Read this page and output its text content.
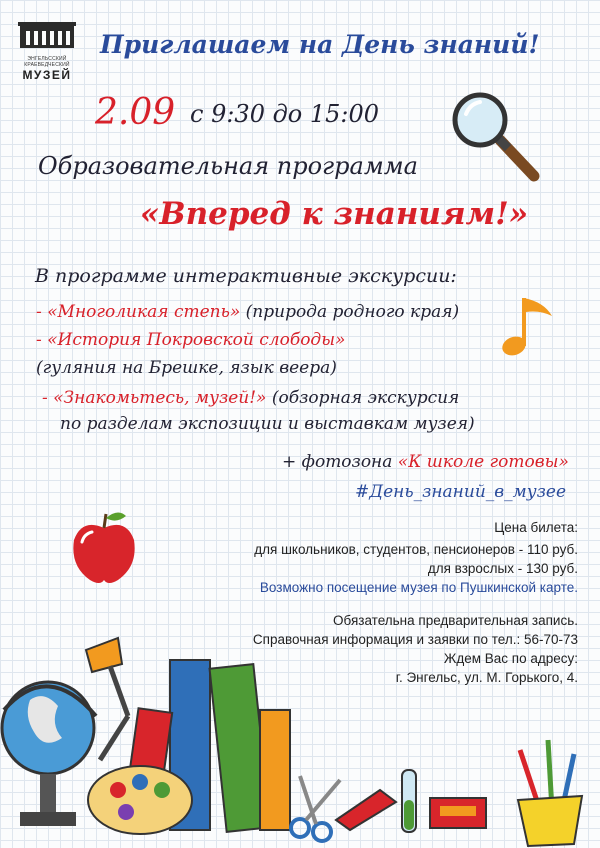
ЭНГЕЛЬССКИЙ КРАЕВЕДЧЕСКИЙ
МУЗЕЙ
Приглашаем на День знаний!
2.09 с 9:30 до 15:00
Образовательная программа
«Вперед к знаниям!»
В программе интерактивные экскурсии:
- «Многоликая степь» (природа родного края)
- «История Покровской слободы»
(гуляния на Брешке, язык веера)
- «Знакомьтесь, музей!» (обзорная экскурсия
по разделам экспозиции и выставкам музея)
+ фотозона «К школе готовы»
#День_знаний_в_музее
Цена билета:
для школьников, студентов, пенсионеров - 110 руб.
для взрослых - 130 руб.
Возможно посещение музея по Пушкинской карте.
Обязательна предварительная запись.
Справочная информация и заявки по тел.: 56-70-73
Ждем Вас по адресу:
г. Энгельс, ул. М. Горького, 4.
